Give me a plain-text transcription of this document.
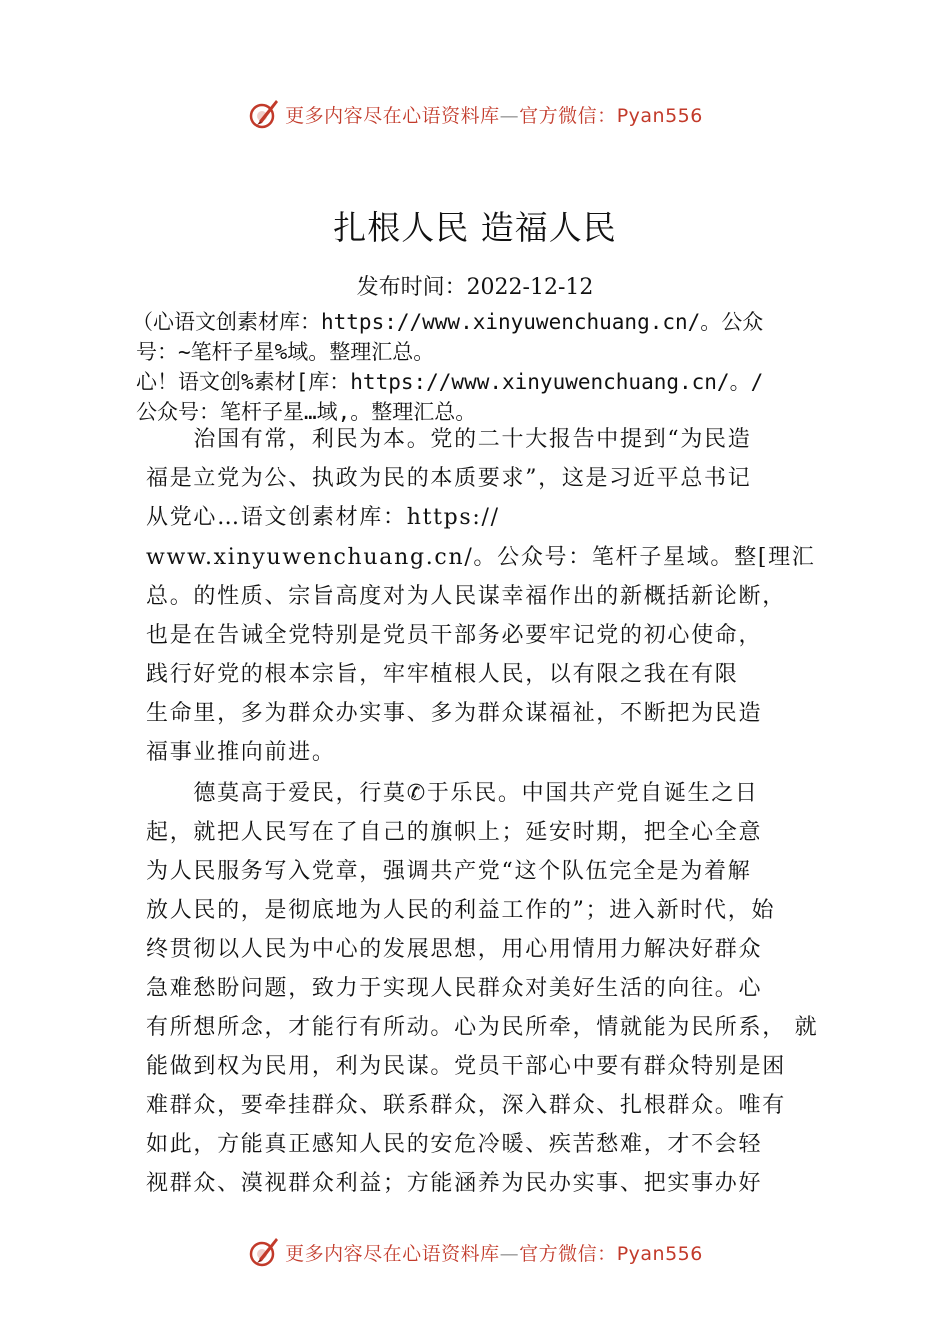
更多内容尽在心语资料库—官方微信：Pyan556
扎根人民 造福人民
发布时间：2022-12-12
（心语文创素材库：https://www.xinyuwenchuang.cn/。公众
号：~笔杆子星%域。整理汇总。
心！语文创%素材[库：https://www.xinyuwenchuang.cn/。/
公众号：笔杆子星…域,。整理汇总。
　　治国有常，利民为本。党的二十大报告中提到“为民造
福是立党为公、执政为民的本质要求”，这是习近平总书记
从党心…语文创素材库：https://
www.xinyuwenchuang.cn/。公众号：笔杆子星域。整[理汇
总。的性质、宗旨高度对为人民谋幸福作出的新概括新论断，
也是在告诫全党特别是党员干部务必要牢记党的初心使命，
践行好党的根本宗旨，牢牢植根人民，以有限之我在有限
生命里，多为群众办实事、多为群众谋福祉，不断把为民造
福事业推向前进。
　　德莫高于爱民，行莫✆于乐民。中国共产党自诞生之日
起，就把人民写在了自己的旗帜上；延安时期，把全心全意
为人民服务写入党章，强调共产党“这个队伍完全是为着解
放人民的，是彻底地为人民的利益工作的”；进入新时代，始
终贯彻以人民为中心的发展思想，用心用情用力解决好群众
急难愁盼问题，致力于实现人民群众对美好生活的向往。心
有所想所念，才能行有所动。心为民所牵，情就能为民所系， 就
能做到权为民用，利为民谋。党员干部心中要有群众特别是困
难群众，要牵挂群众、联系群众，深入群众、扎根群众。唯有
如此，方能真正感知人民的安危冷暖、疾苦愁难，才不会轻
视群众、漠视群众利益；方能涵养为民办实事、把实事办好
更多内容尽在心语资料库—官方微信：Pyan556
